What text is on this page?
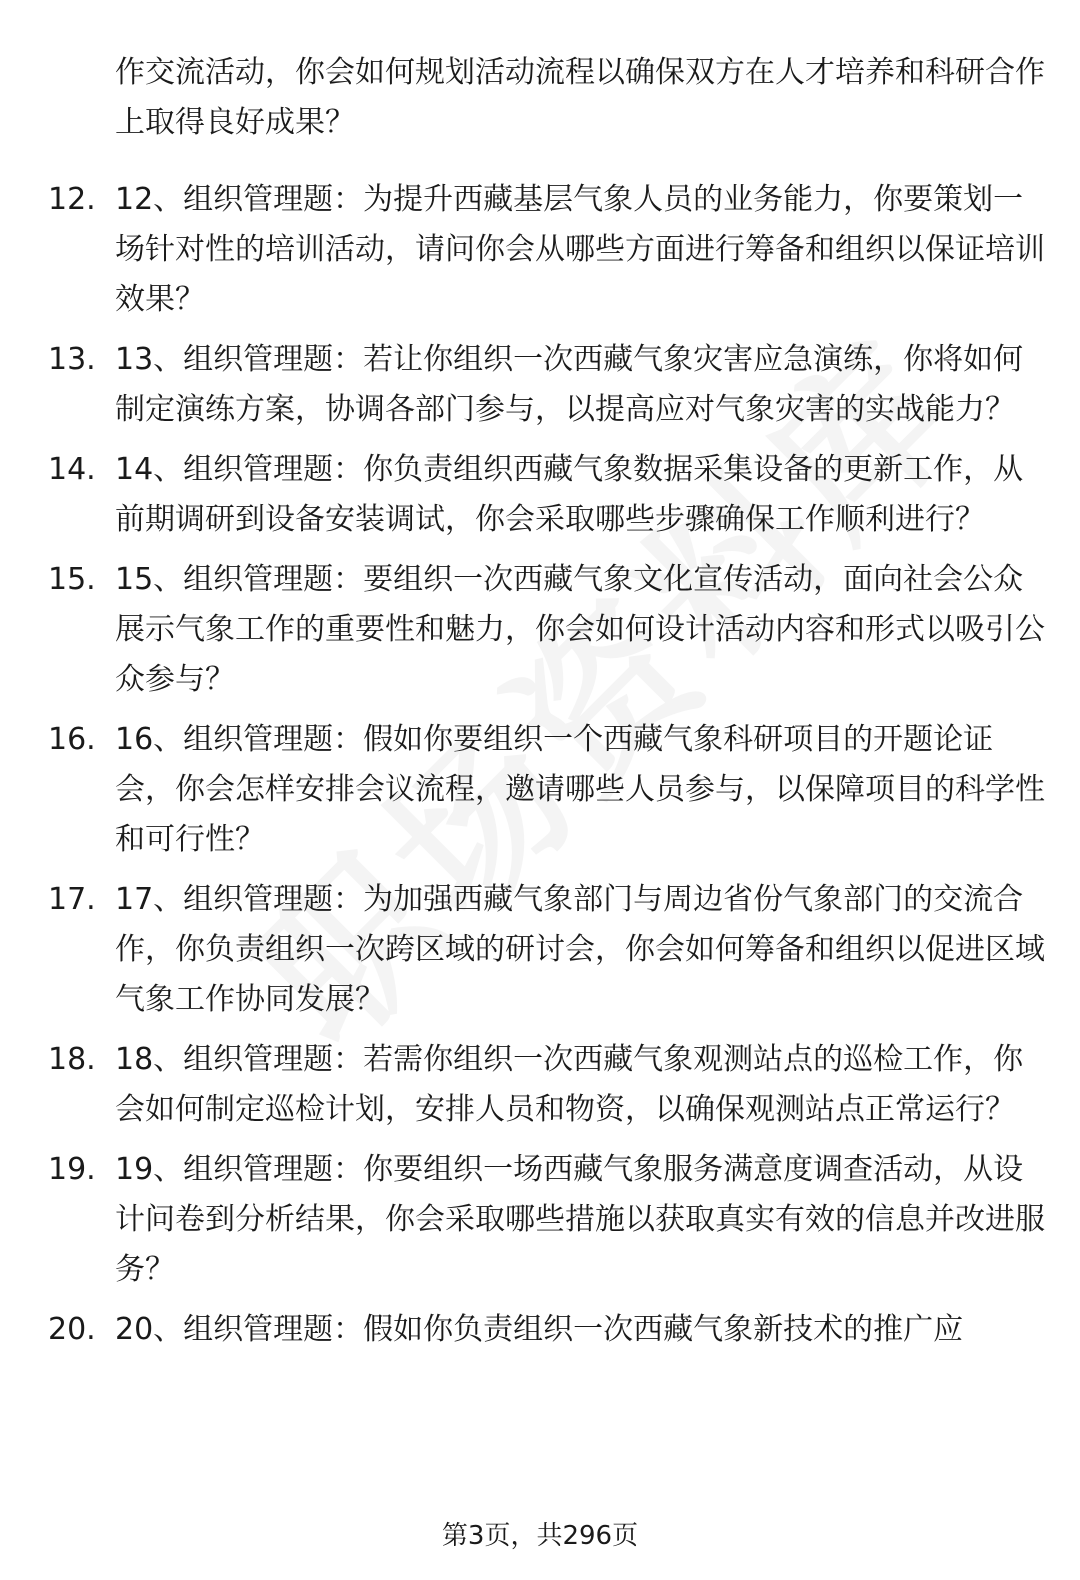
作交流活动，你会如何规划活动流程以确保双方在人才培养和科研合作上取得良好成果？

12. 12、组织管理题：为提升西藏基层气象人员的业务能力，你要策划一场针对性的培训活动，请问你会从哪些方面进行筹备和组织以保证培训效果？
13. 13、组织管理题：若让你组织一次西藏气象灾害应急演练，你将如何制定演练方案，协调各部门参与，以提高应对气象灾害的实战能力？
14. 14、组织管理题：你负责组织西藏气象数据采集设备的更新工作，从前期调研到设备安装调试，你会采取哪些步骤确保工作顺利进行？
15. 15、组织管理题：要组织一次西藏气象文化宣传活动，面向社会公众展示气象工作的重要性和魅力，你会如何设计活动内容和形式以吸引公众参与？
16. 16、组织管理题：假如你要组织一个西藏气象科研项目的开题论证会，你会怎样安排会议流程，邀请哪些人员参与，以保障项目的科学性和可行性？
17. 17、组织管理题：为加强西藏气象部门与周边省份气象部门的交流合作，你负责组织一次跨区域的研讨会，你会如何筹备和组织以促进区域气象工作协同发展？
18. 18、组织管理题：若需你组织一次西藏气象观测站点的巡检工作，你会如何制定巡检计划，安排人员和物资，以确保观测站点正常运行？
19. 19、组织管理题：你要组织一场西藏气象服务满意度调查活动，从设计问卷到分析结果，你会采取哪些措施以获取真实有效的信息并改进服务？
20. 20、组织管理题：假如你负责组织一次西藏气象新技术的推广应
第3页，共296页
